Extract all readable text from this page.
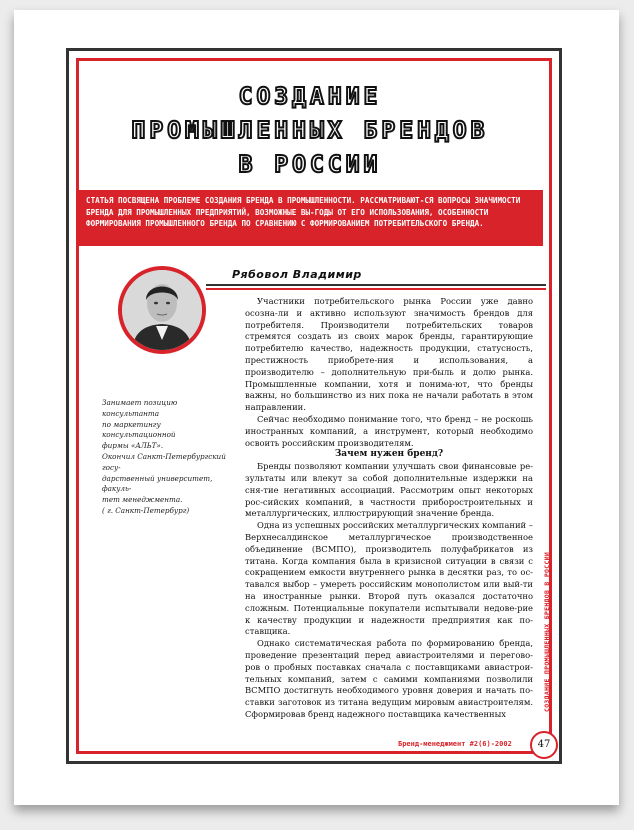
СОЗДАНИЕ
ПРОМЫШЛЕННЫХ БРЕНДОВ
В РОССИИ
СТАТЬЯ ПОСВЯЩЕНА ПРОБЛЕМЕ СОЗДАНИЯ БРЕНДА В ПРОМЫШЛЕННОСТИ. РАССМАТРИВАЮТ-СЯ ВОПРОСЫ ЗНАЧИМОСТИ БРЕНДА ДЛЯ ПРОМЫШЛЕННЫХ ПРЕДПРИЯТИЙ, ВОЗМОЖНЫЕ ВЫ-ГОДЫ ОТ ЕГО ИСПОЛЬЗОВАНИЯ, ОСОБЕННОСТИ ФОРМИРОВАНИЯ ПРОМЫШЛЕННОГО БРЕНДА ПО СРАВНЕНИЮ С ФОРМИРОВАНИЕМ ПОТРЕБИТЕЛЬСКОГО БРЕНДА.
Рябовол Владимир
Занимает позицию консультанта
по маркетингу консультационной
фирмы «АЛЬТ».
Окончил Санкт-Петербургский госу-
дарственный университет, факуль-
тет менеджмента.
( г. Санкт-Петербург)

Участники потребительского рынка России уже давно осозна-ли и активно используют значимость брендов для потребителя. Производители потребительских товаров стремятся создать из своих марок бренды, гарантирующие потребителю качество, надежность продукции, статусность, престижность приобрете-ния и использования, а производителю – дополнительную при-быль и долю рынка. Промышленные компании, хотя и понима-ют, что бренды важны, но большинство из них пока не начали работать в этом направлении.

Сейчас необходимо понимание того, что бренд – не роскошь иностранных компаний, а инструмент, который необходимо освоить российским производителям.

Зачем нужен бренд?

Бренды позволяют компании улучшать свои финансовые ре-зультаты или влекут за собой дополнительные издержки на сня-тие негативных ассоциаций. Рассмотрим опыт некоторых рос-сийских компаний, в частности приборостроительных и металлургических, иллюстрирующий значение бренда.

Одна из успешных российских металлургических компаний – Верхнесалдинское металлургическое производственное объединение (ВСМПО), производитель полуфабрикатов из титана. Когда компания была в кризисной ситуации в связи с сокращением емкости внутреннего рынка в десятки раз, то ос-тавался выбор – умереть российским монополистом или вый-ти на иностранные рынки. Второй путь оказался достаточно сложным. Потенциальные покупатели испытывали недове-рие к качеству продукции и надежности предприятия как по-ставщика.

Однако систематическая работа по формированию бренда, проведение презентаций перед авиастроителями и перегово-ров о пробных поставках сначала с поставщиками авиастрои-тельных компаний, затем с самими компаниями позволили ВСМПО достигнуть необходимого уровня доверия и начать по-ставки заготовок из титана ведущим мировым авиастроителям. Сформировав бренд надежного поставщика качественных

СОЗДАНИЕ ПРОМЫШЛЕННЫХ БРЕНДОВ В РОССИИ
Бренд-менеджмент #2(6)-2002	47
